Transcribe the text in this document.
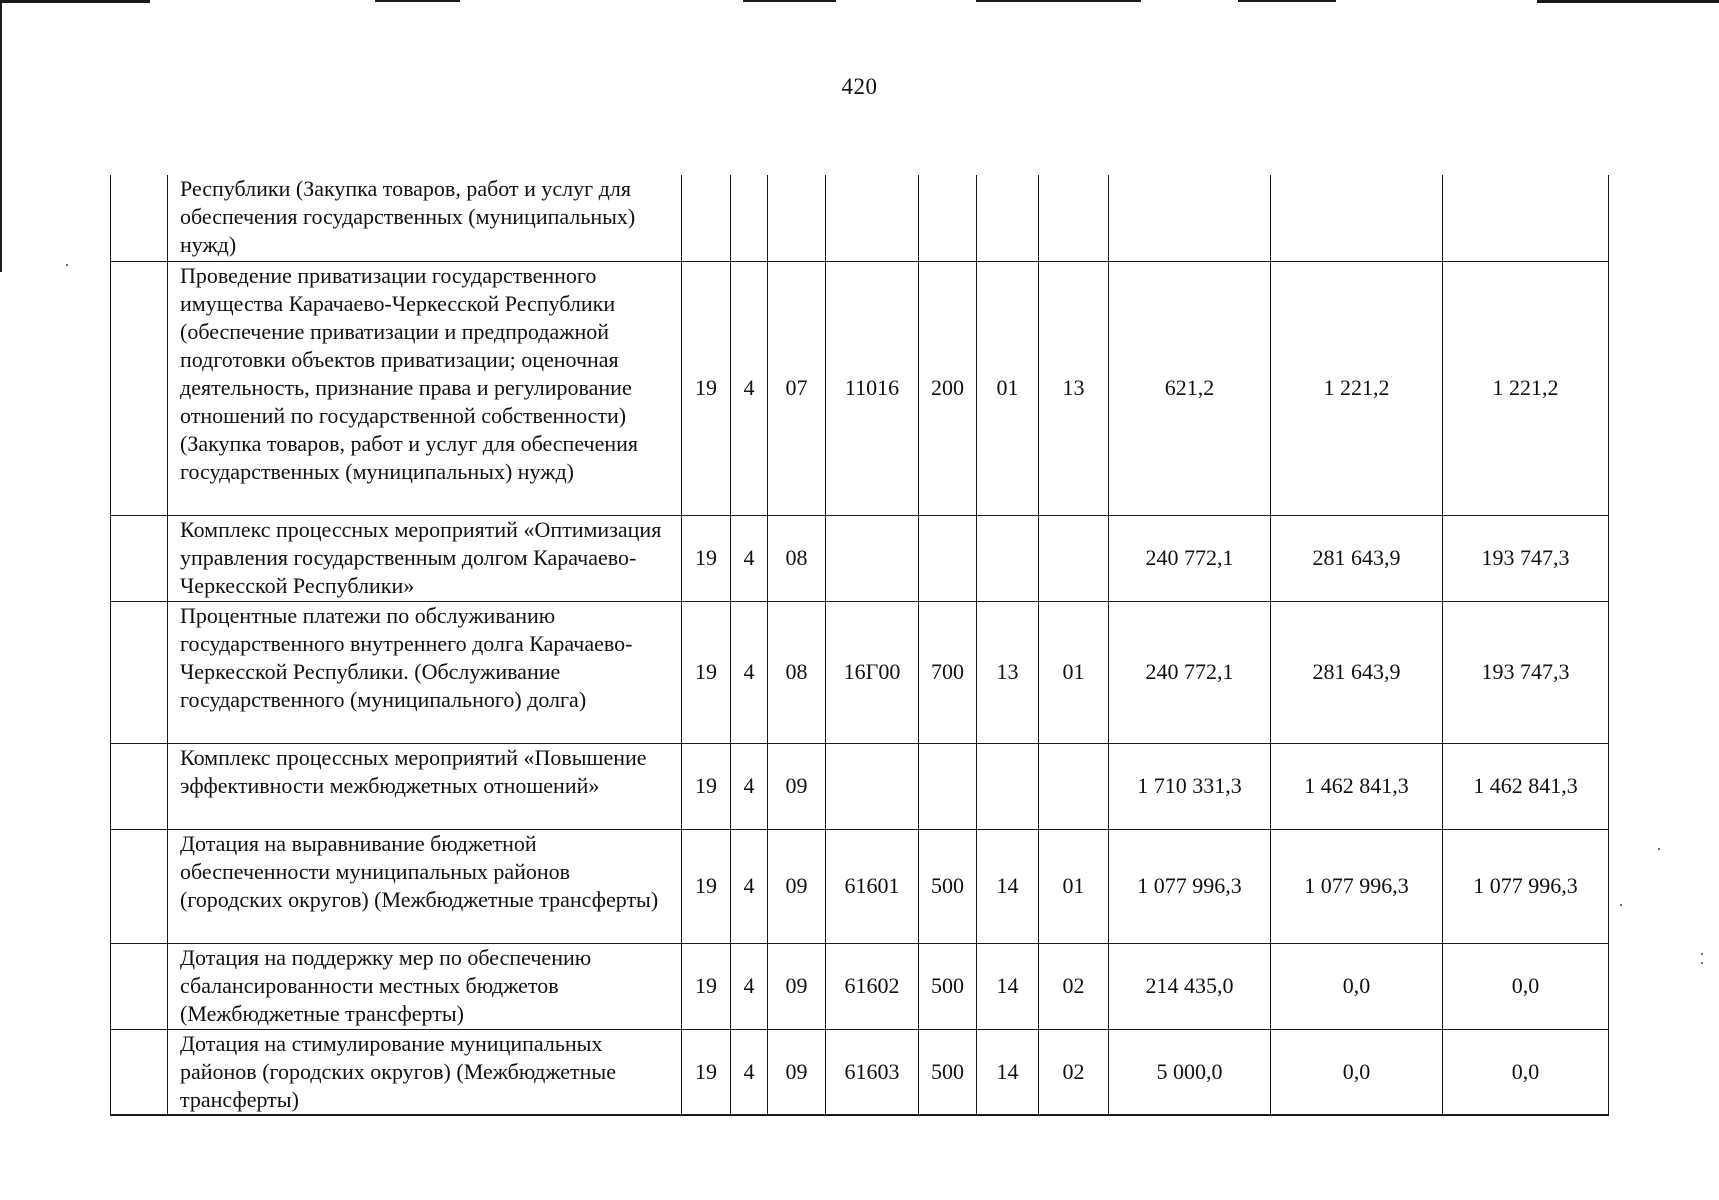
420
	Республики (Закупка товаров, работ и услуг для обеспечения государственных (муниципальных) нужд)										
	Проведение приватизации государственного имущества Карачаево-Черкесской Республики (обеспечение приватизации и предпродажной подготовки объектов приватизации; оценочная деятельность, признание права и регулирование отношений по государственной собственности) (Закупка товаров, работ и услуг для обеспечения государственных (муниципальных) нужд)	19	4	07	11016	200	01	13	621,2	1 221,2	1 221,2
	Комплекс процессных мероприятий «Оптимизация управления государственным долгом Карачаево-Черкесской Республики»	19	4	08					240 772,1	281 643,9	193 747,3
	Процентные платежи по обслуживанию государственного внутреннего долга Карачаево-Черкесской Республики. (Обслуживание государственного (муниципального) долга)	19	4	08	16Г00	700	13	01	240 772,1	281 643,9	193 747,3
	Комплекс процессных мероприятий «Повышение эффективности межбюджетных отношений»	19	4	09					1 710 331,3	1 462 841,3	1 462 841,3
	Дотация на выравнивание бюджетной обеспеченности муниципальных районов (городских округов) (Межбюджетные трансферты)	19	4	09	61601	500	14	01	1 077 996,3	1 077 996,3	1 077 996,3
	Дотация на поддержку мер по обеспечению сбалансированности местных бюджетов (Межбюджетные трансферты)	19	4	09	61602	500	14	02	214 435,0	0,0	0,0
	Дотация на стимулирование муниципальных районов (городских округов) (Межбюджетные трансферты)	19	4	09	61603	500	14	02	5 000,0	0,0	0,0
